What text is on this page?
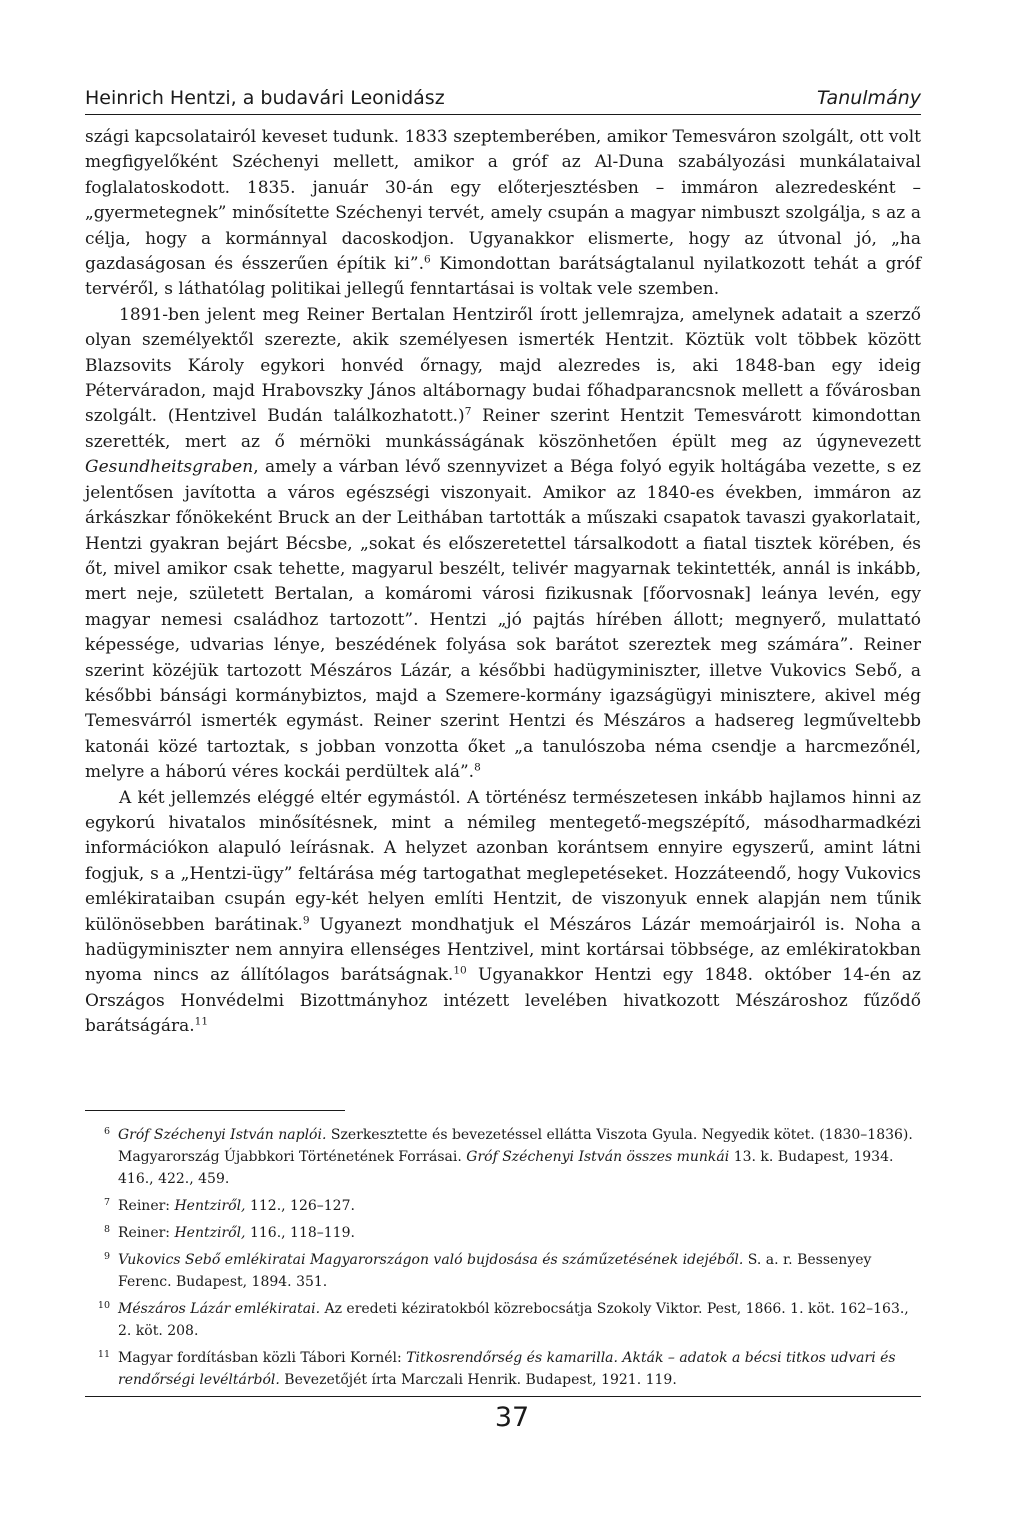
Heinrich Hentzi, a budavári Leonidász	Tanulmány

szági kapcsolatairól keveset tudunk. 1833 szeptemberében, amikor Temesváron szolgált, ott volt megfigyelőként Széchenyi mellett, amikor a gróf az Al-Duna szabályozási munkálataival foglalatoskodott. 1835. január 30-án egy előterjesztésben – immáron alezredesként – „gyermetegnek” minősítette Széchenyi tervét, amely csupán a magyar nimbuszt szolgálja, s az a célja, hogy a kormánnyal dacoskodjon. Ugyanakkor elismerte, hogy az útvonal jó, „ha gazdaságosan és ésszerűen építik ki”.$^6$ Kimondottan barátságtalanul nyilatkozott tehát a gróf tervéről, s láthatólag politikai jellegű fenntartásai is voltak vele szemben.

1891-ben jelent meg Reiner Bertalan Hentziről írott jellemrajza, amelynek adatait a szerző olyan személyektől szerezte, akik személyesen ismerték Hentzit. Köztük volt többek között Blazsovits Károly egykori honvéd őrnagy, majd alezredes is, aki 1848-ban egy ideig Péterváradon, majd Hrabovszky János altábornagy budai főhadparancsnok mellett a fővárosban szolgált. (Hentzivel Budán találkozhatott.)$^7$ Reiner szerint Hentzit Temesvárott kimondottan szerették, mert az ő mérnöki munkásságának köszönhetően épült meg az úgynevezett Gesundheitsgraben, amely a várban lévő szennyvizet a Béga folyó egyik holtágába vezette, s ez jelentősen javította a város egészségi viszonyait. Amikor az 1840-es években, immáron az árkászkar főnökeként Bruck an der Leithában tartották a műszaki csapatok tavaszi gyakorlatait, Hentzi gyakran bejárt Bécsbe, „sokat és előszeretettel társalkodott a fiatal tisztek körében, és őt, mivel amikor csak tehette, magyarul beszélt, telivér magyarnak tekintették, annál is inkább, mert neje, született Bertalan, a komáromi városi fizikusnak [főorvosnak] leánya levén, egy magyar nemesi családhoz tartozott”. Hentzi „jó pajtás hírében állott; megnyerő, mulattató képessége, udvarias lénye, beszédének folyása sok barátot szereztek meg számára”. Reiner szerint közéjük tartozott Mészáros Lázár, a későbbi hadügyminiszter, illetve Vukovics Sebő, a későbbi bánsági kormánybiztos, majd a Szemere-kormány igazságügyi minisztere, akivel még Temesvárról ismerték egymást. Reiner szerint Hentzi és Mészáros a hadsereg legműveltebb katonái közé tartoztak, s jobban vonzotta őket „a tanulószoba néma csendje a harcmezőnél, melyre a háború véres kockái perdültek alá”.$^8$

A két jellemzés eléggé eltér egymástól. A történész természetesen inkább hajlamos hinni az egykorú hivatalos minősítésnek, mint a némileg mentegető-megszépítő, másodharmadkézi információkon alapuló leírásnak. A helyzet azonban korántsem ennyire egyszerű, amint látni fogjuk, s a „Hentzi-ügy” feltárása még tartogathat meglepetéseket. Hozzáteendő, hogy Vukovics emlékirataiban csupán egy-két helyen említi Hentzit, de viszonyuk ennek alapján nem tűnik különösebben barátinak.$^9$ Ugyanezt mondhatjuk el Mészáros Lázár memoárjairól is. Noha a hadügyminiszter nem annyira ellenséges Hentzivel, mint kortársai többsége, az emlékiratokban nyoma nincs az állítólagos barátságnak.$^{10}$ Ugyanakkor Hentzi egy 1848. október 14-én az Országos Honvédelmi Bizottmányhoz intézett levelében hivatkozott Mészároshoz fűződő barátságára.$^{11}$

6 Gróf Széchenyi István naplói. Szerkesztette és bevezetéssel ellátta Viszota Gyula. Negyedik kötet. (1830–1836). Magyarország Újabbkori Történetének Forrásai. Gróf Széchenyi István összes munkái 13. k. Budapest, 1934. 416., 422., 459.
7 Reiner: Hentziről, 112., 126–127.
8 Reiner: Hentziről, 116., 118–119.
9 Vukovics Sebő emlékiratai Magyarországon való bujdosása és száműzetésének idejéből. S. a. r. Bessenyey Ferenc. Budapest, 1894. 351.
10 Mészáros Lázár emlékiratai. Az eredeti kéziratokból közrebocsátja Szokoly Viktor. Pest, 1866. 1. köt. 162–163., 2. köt. 208.
11 Magyar fordításban közli Tábori Kornél: Titkosrendőrség és kamarilla. Akták – adatok a bécsi titkos udvari és rendőrségi levéltárból. Bevezetőjét írta Marczali Henrik. Budapest, 1921. 119.
37
